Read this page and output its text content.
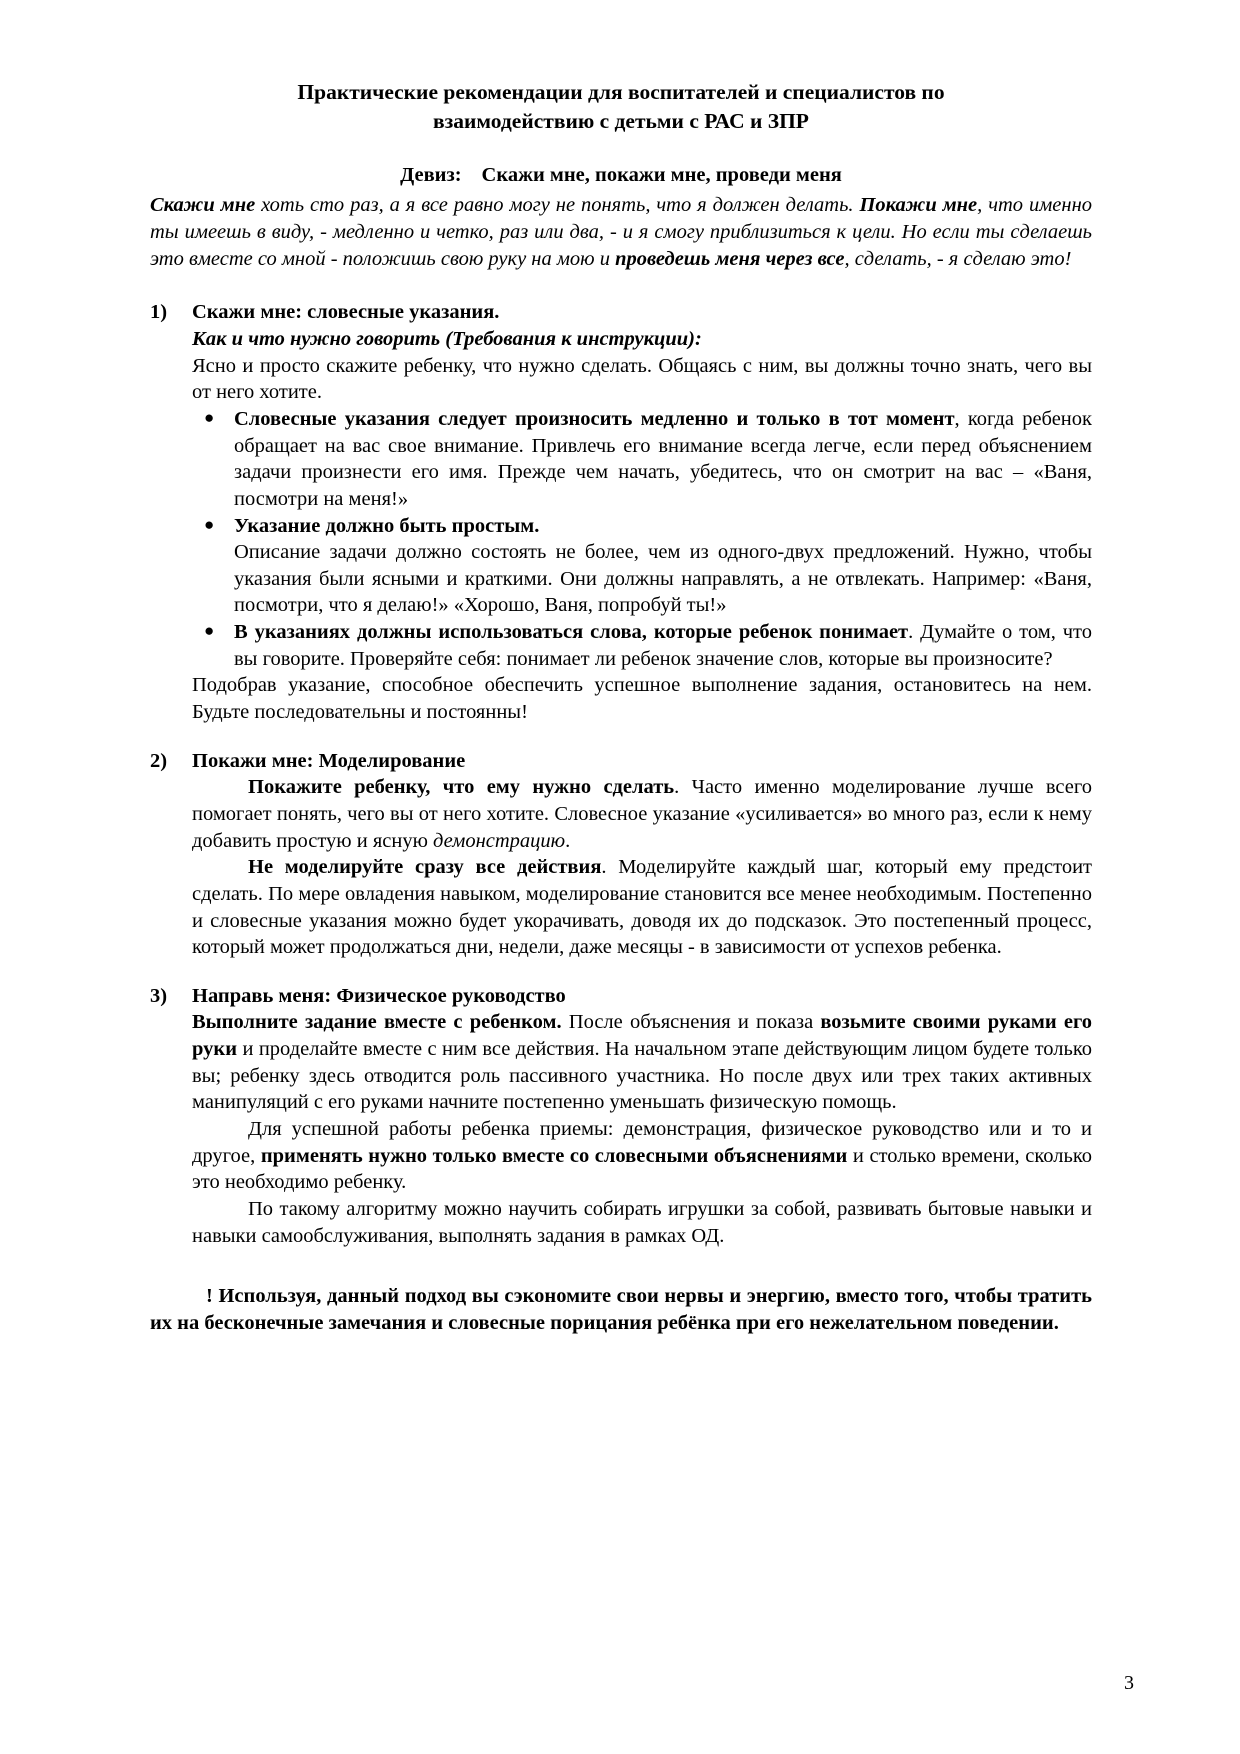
Практические рекомендации для воспитателей и специалистов по
взаимодействию с детьми с РАС и ЗПР

Девиз: Скажи мне, покажи мне, проведи меня

Скажи мне хоть сто раз, а я все равно могу не понять, что я должен делать. Покажи мне, что именно ты имеешь в виду, - медленно и четко, раз или два, - и я смогу приблизиться к цели. Но если ты сделаешь это вместе со мной - положишь свою руку на мою и проведешь меня через все, сделать, - я сделаю это!

1) Скажи мне: словесные указания.

Как и что нужно говорить (Требования к инструкции):

Ясно и просто скажите ребенку, что нужно сделать. Общаясь с ним, вы должны точно знать, чего вы от него хотите.

● Словесные указания следует произносить медленно и только в тот момент, когда ребенок обращает на вас свое внимание. Привлечь его внимание всегда легче, если перед объяснением задачи произнести его имя. Прежде чем начать, убедитесь, что он смотрит на вас – «Ваня, посмотри на меня!»

● Указание должно быть простым.

Описание задачи должно состоять не более, чем из одного-двух предложений. Нужно, чтобы указания были ясными и краткими. Они должны направлять, а не отвлекать. Например: «Ваня, посмотри, что я делаю!» «Хорошо, Ваня, попробуй ты!»

● В указаниях должны использоваться слова, которые ребенок понимает. Думайте о том, что вы говорите. Проверяйте себя: понимает ли ребенок значение слов, которые вы произносите?

Подобрав указание, способное обеспечить успешное выполнение задания, остановитесь на нем. Будьте последовательны и постоянны!

2) Покажи мне: Моделирование

Покажите ребенку, что ему нужно сделать. Часто именно моделирование лучше всего помогает понять, чего вы от него хотите. Словесное указание «усиливается» во много раз, если к нему добавить простую и ясную демонстрацию.

Не моделируйте сразу все действия. Моделируйте каждый шаг, который ему предстоит сделать. По мере овладения навыком, моделирование становится все менее необходимым. Постепенно и словесные указания можно будет укорачивать, доводя их до подсказок. Это постепенный процесс, который может продолжаться дни, недели, даже месяцы - в зависимости от успехов ребенка.

3) Направь меня: Физическое руководство

Выполните задание вместе с ребенком. После объяснения и показа возьмите своими руками его руки и проделайте вместе с ним все действия. На начальном этапе действующим лицом будете только вы; ребенку здесь отводится роль пассивного участника. Но после двух или трех таких активных манипуляций с его руками начните постепенно уменьшать физическую помощь.

Для успешной работы ребенка приемы: демонстрация, физическое руководство или и то и другое, применять нужно только вместе со словесными объяснениями и столько времени, сколько это необходимо ребенку.

По такому алгоритму можно научить собирать игрушки за собой, развивать бытовые навыки и навыки самообслуживания, выполнять задания в рамках ОД.

! Используя, данный подход вы сэкономите свои нервы и энергию, вместо того, чтобы тратить их на бесконечные замечания и словесные порицания ребёнка при его нежелательном поведении.

3
